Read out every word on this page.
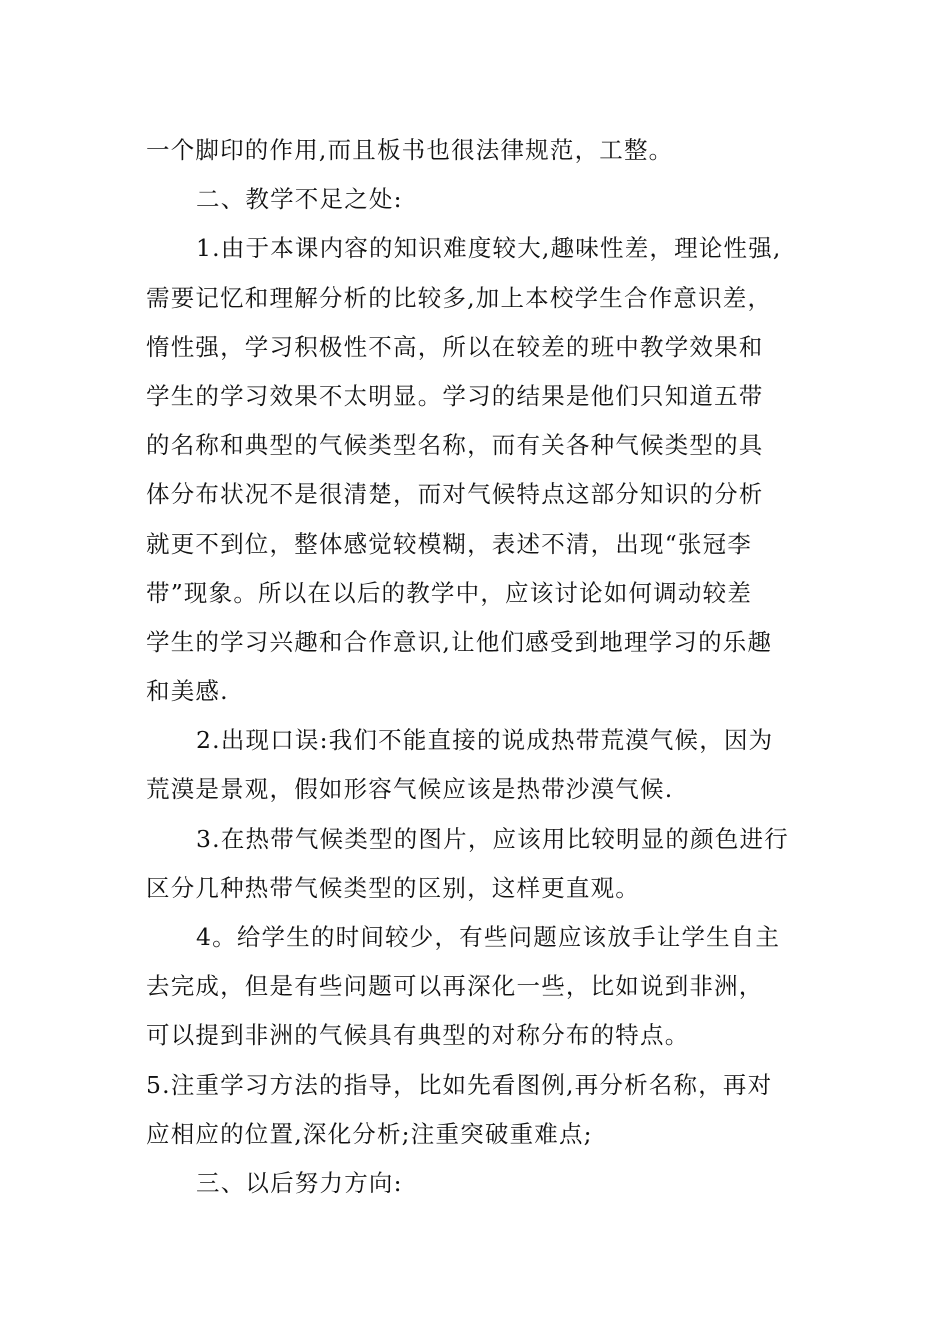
一个脚印的作用,而且板书也很法律规范，工整。
二、教学不足之处:
1.由于本课内容的知识难度较大,趣味性差，理论性强,
需要记忆和理解分析的比较多,加上本校学生合作意识差，
惰性强，学习积极性不高，所以在较差的班中教学效果和
学生的学习效果不太明显。学习的结果是他们只知道五带
的名称和典型的气候类型名称，而有关各种气候类型的具
体分布状况不是很清楚，而对气候特点这部分知识的分析
就更不到位，整体感觉较模糊，表述不清，出现“张冠李
带”现象。所以在以后的教学中，应该讨论如何调动较差
学生的学习兴趣和合作意识,让他们感受到地理学习的乐趣
和美感.
2.出现口误:我们不能直接的说成热带荒漠气候，因为
荒漠是景观，假如形容气候应该是热带沙漠气候.
3.在热带气候类型的图片，应该用比较明显的颜色进行
区分几种热带气候类型的区别，这样更直观。
4。给学生的时间较少，有些问题应该放手让学生自主
去完成，但是有些问题可以再深化一些，比如说到非洲，
可以提到非洲的气候具有典型的对称分布的特点。
5.注重学习方法的指导，比如先看图例,再分析名称，再对
应相应的位置,深化分析;注重突破重难点;
三、以后努力方向:
